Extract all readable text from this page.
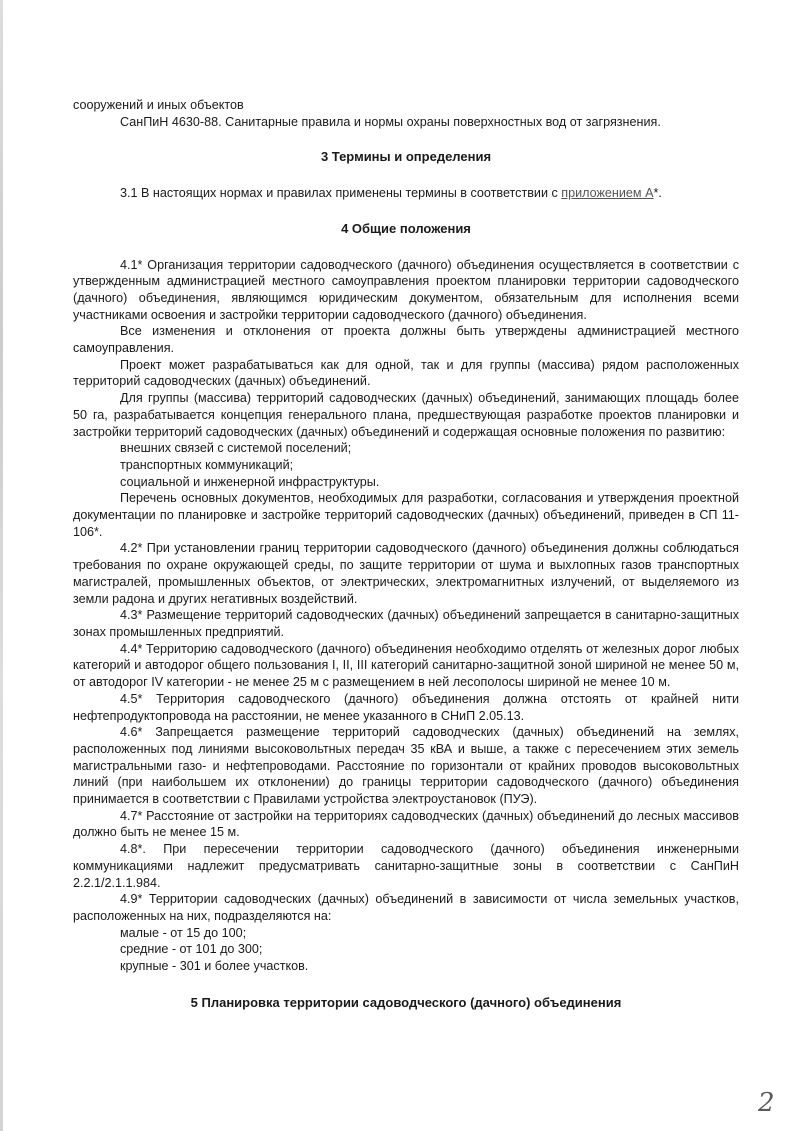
сооружений и иных объектов

СанПиН 4630-88. Санитарные правила и нормы охраны поверхностных вод от загрязнения.

3 Термины и определения

3.1 В настоящих нормах и правилах применены термины в соответствии с приложением А*.

4 Общие положения

4.1* Организация территории садоводческого (дачного) объединения осуществляется в соответствии с утвержденным администрацией местного самоуправления проектом планировки территории садоводческого (дачного) объединения, являющимся юридическим документом, обязательным для исполнения всеми участниками освоения и застройки территории садоводческого (дачного) объединения.

Все изменения и отклонения от проекта должны быть утверждены администрацией местного самоуправления.

Проект может разрабатываться как для одной, так и для группы (массива) рядом расположенных территорий садоводческих (дачных) объединений.

Для группы (массива) территорий садоводческих (дачных) объединений, занимающих площадь более 50 га, разрабатывается концепция генерального плана, предшествующая разработке проектов планировки и застройки территорий садоводческих (дачных) объединений и содержащая основные положения по развитию:

внешних связей с системой поселений;

транспортных коммуникаций;

социальной и инженерной инфраструктуры.

Перечень основных документов, необходимых для разработки, согласования и утверждения проектной документации по планировке и застройке территорий садоводческих (дачных) объединений, приведен в СП 11-106*.

4.2* При установлении границ территории садоводческого (дачного) объединения должны соблюдаться требования по охране окружающей среды, по защите территории от шума и выхлопных газов транспортных магистралей, промышленных объектов, от электрических, электромагнитных излучений, от выделяемого из земли радона и других негативных воздействий.

4.3* Размещение территорий садоводческих (дачных) объединений запрещается в санитарно-защитных зонах промышленных предприятий.

4.4* Территорию садоводческого (дачного) объединения необходимо отделять от железных дорог любых категорий и автодорог общего пользования I, II, III категорий санитарно-защитной зоной шириной не менее 50 м, от автодорог IV категории - не менее 25 м с размещением в ней лесополосы шириной не менее 10 м.

4.5* Территория садоводческого (дачного) объединения должна отстоять от крайней нити нефтепродуктопровода на расстоянии, не менее указанного в СНиП 2.05.13.

4.6* Запрещается размещение территорий садоводческих (дачных) объединений на землях, расположенных под линиями высоковольтных передач 35 кВА и выше, а также с пересечением этих земель магистральными газо- и нефтепроводами. Расстояние по горизонтали от крайних проводов высоковольтных линий (при наибольшем их отклонении) до границы территории садоводческого (дачного) объединения принимается в соответствии с Правилами устройства электроустановок (ПУЭ).

4.7* Расстояние от застройки на территориях садоводческих (дачных) объединений до лесных массивов должно быть не менее 15 м.

4.8*. При пересечении территории садоводческого (дачного) объединения инженерными коммуникациями надлежит предусматривать санитарно-защитные зоны в соответствии с СанПиН 2.2.1/2.1.1.984.

4.9* Территории садоводческих (дачных) объединений в зависимости от числа земельных участков, расположенных на них, подразделяются на:

малые - от 15 до 100;

средние - от 101 до 300;

крупные - 301 и более участков.

5 Планировка территории садоводческого (дачного) объединения

2
